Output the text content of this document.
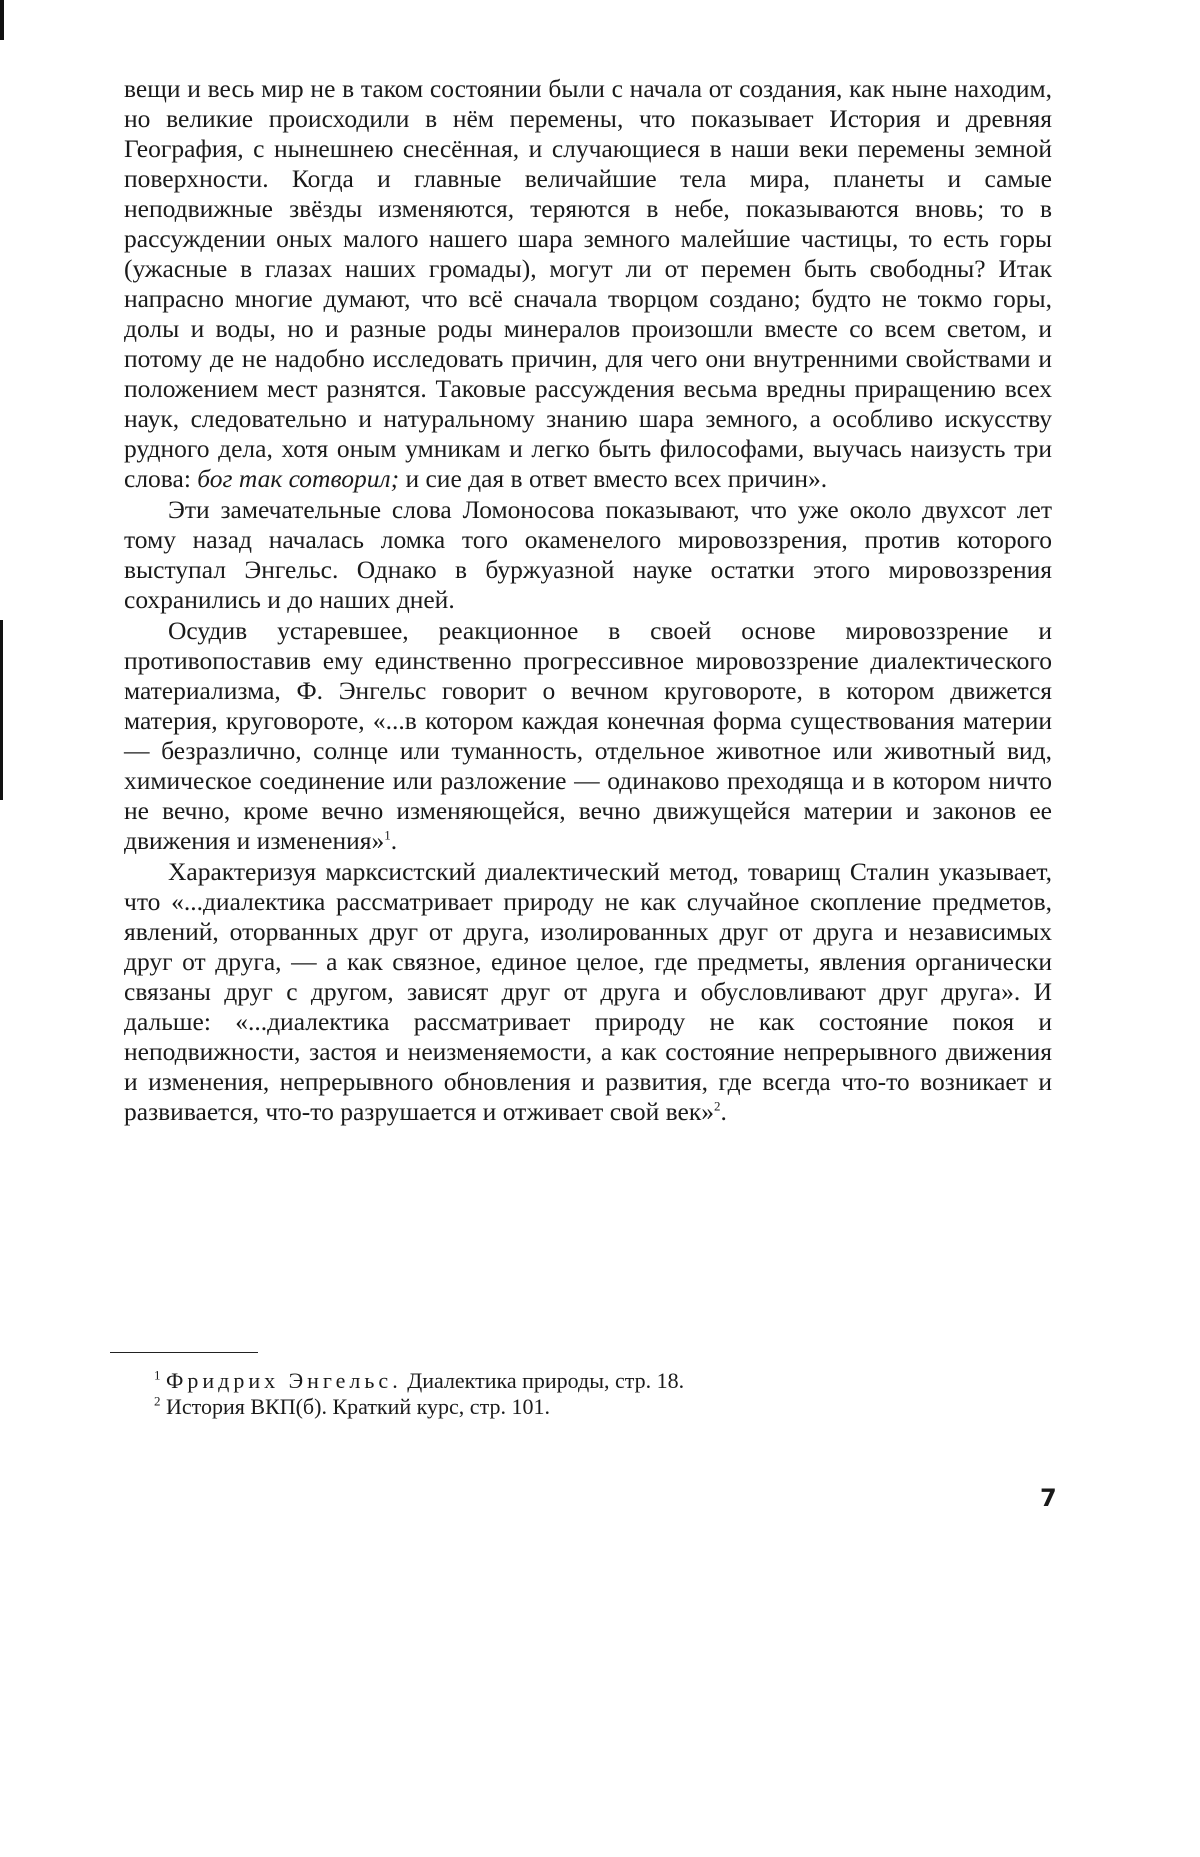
вещи и весь мир не в таком состоянии были с начала от создания, как ныне находим, но великие происходили в нём перемены, что показывает История и древняя География, с нынешнею снесённая, и случающиеся в наши веки перемены земной поверхности. Когда и главные величайшие тела мира, планеты и самые неподвижные звёзды изменяются, теряются в небе, показываются вновь; то в рассуждении оных малого нашего шара земного малейшие частицы, то есть горы (ужасные в глазах наших громады), могут ли от перемен быть свободны? Итак напрасно многие думают, что всё сначала творцом создано; будто не токмо горы, долы и воды, но и разные роды минералов произошли вместе со всем светом, и потому де не надобно исследовать причин, для чего они внутренними свойствами и положением мест разнятся. Таковые рассуждения весьма вредны приращению всех наук, следовательно и натуральному знанию шара земного, а особливо искусству рудного дела, хотя оным умникам и легко быть философами, выучась наизусть три слова: бог так сотворил; и сие дая в ответ вместо всех причин».

Эти замечательные слова Ломоносова показывают, что уже около двухсот лет тому назад началась ломка того окаменелого мировоззрения, против которого выступал Энгельс. Однако в буржуазной науке остатки этого мировоззрения сохранились и до наших дней.

Осудив устаревшее, реакционное в своей основе мировоззрение и противопоставив ему единственно прогрессивное мировоззрение диалектического материализма, Ф. Энгельс говорит о вечном круговороте, в котором движется материя, круговороте, «...в котором каждая конечная форма существования материи — безразлично, солнце или туманность, отдельное животное или животный вид, химическое соединение или разложение — одинаково преходяща и в котором ничто не вечно, кроме вечно изменяющейся, вечно движущейся материи и законов ее движения и изменения»$^1$.

Характеризуя марксистский диалектический метод, товарищ Сталин указывает, что «...диалектика рассматривает природу не как случайное скопление предметов, явлений, оторванных друг от друга, изолированных друг от друга и независимых друг от друга, — а как связное, единое целое, где предметы, явления органически связаны друг с другом, зависят друг от друга и обусловливают друг друга». И дальше: «...диалектика рассматривает природу не как состояние покоя и неподвижности, застоя и неизменяемости, а как состояние непрерывного движения и изменения, непрерывного обновления и развития, где всегда что-то возникает и развивается, что-то разрушается и отживает свой век»$^2$.

$^1$ Фридрих Энгельс. Диалектика природы, стр. 18.
$^2$ История ВКП(б). Краткий курс, стр. 101.
7
